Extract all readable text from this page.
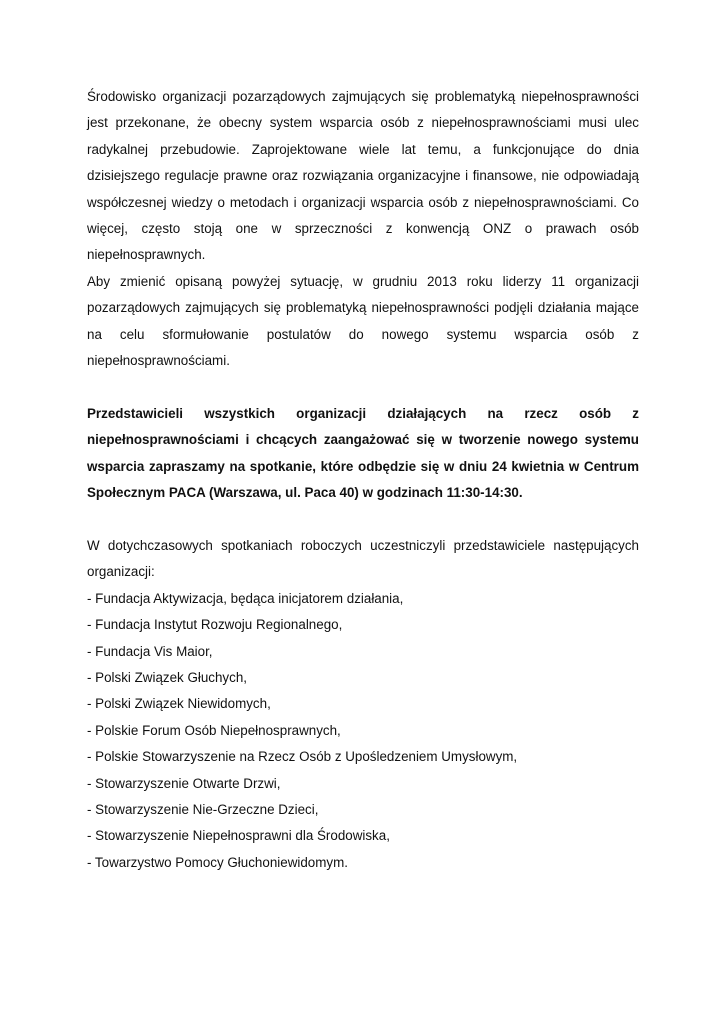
Środowisko organizacji pozarządowych zajmujących się problematyką niepełnosprawności jest przekonane, że obecny system wsparcia osób z niepełnosprawnościami musi ulec radykalnej przebudowie. Zaprojektowane wiele lat temu, a funkcjonujące do dnia dzisiejszego regulacje prawne oraz rozwiązania organizacyjne i finansowe, nie odpowiadają współczesnej wiedzy o metodach i organizacji wsparcia osób z niepełnosprawnościami. Co więcej, często stoją one w sprzeczności z konwencją ONZ o prawach osób niepełnosprawnych.

Aby zmienić opisaną powyżej sytuację, w grudniu 2013 roku liderzy 11 organizacji pozarządowych zajmujących się problematyką niepełnosprawności podjęli działania mające na celu sformułowanie postulatów do nowego systemu wsparcia osób z niepełnosprawnościami.

Przedstawicieli wszystkich organizacji działających na rzecz osób z niepełnosprawnościami i chcących zaangażować się w tworzenie nowego systemu wsparcia zapraszamy na spotkanie, które odbędzie się w dniu 24 kwietnia w Centrum Społecznym PACA (Warszawa, ul. Paca 40) w godzinach 11:30-14:30.

W dotychczasowych spotkaniach roboczych uczestniczyli przedstawiciele następujących organizacji:

- Fundacja Aktywizacja, będąca inicjatorem działania,
- Fundacja Instytut Rozwoju Regionalnego,
- Fundacja Vis Maior,
- Polski Związek Głuchych,
- Polski Związek Niewidomych,
- Polskie Forum Osób Niepełnosprawnych,
- Polskie Stowarzyszenie na Rzecz Osób z Upośledzeniem Umysłowym,
- Stowarzyszenie Otwarte Drzwi,
- Stowarzyszenie Nie-Grzeczne Dzieci,
- Stowarzyszenie Niepełnosprawni dla Środowiska,
- Towarzystwo Pomocy Głuchoniewidomym.
